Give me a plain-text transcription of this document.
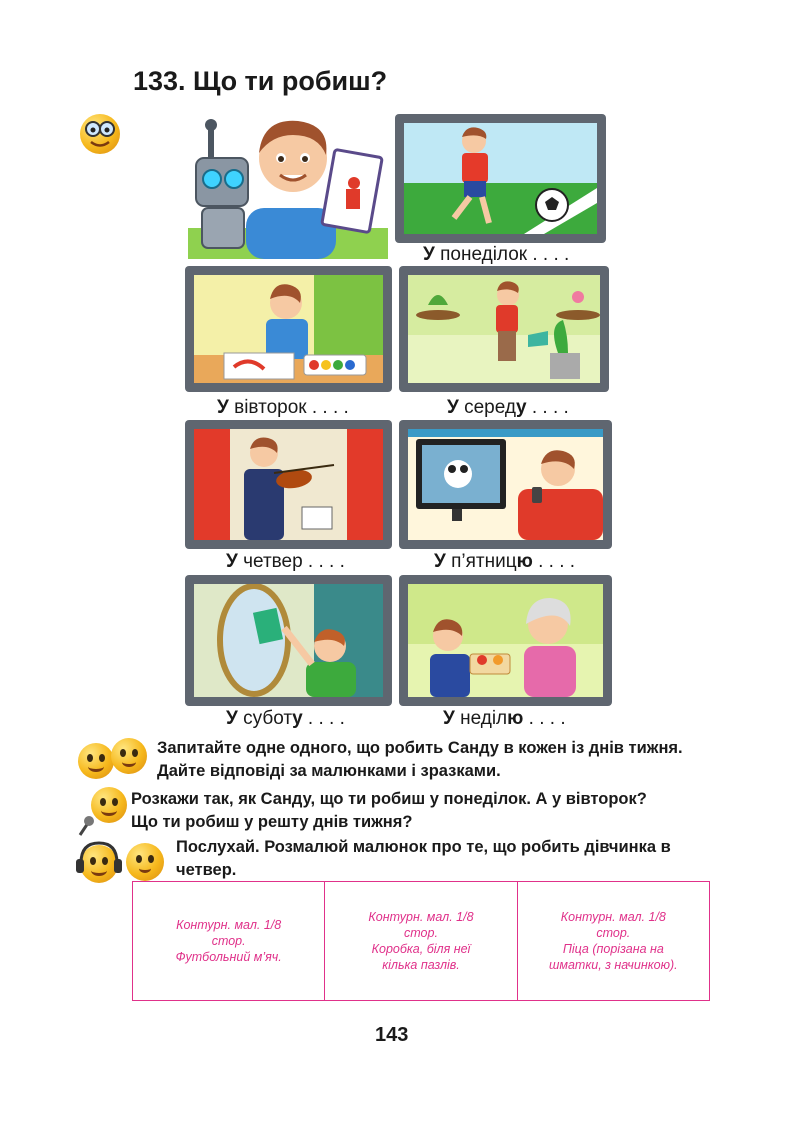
133. Що ти робиш?
У понеділок . . . .
У вівторок . . . .	У середу . . . .
У четвер . . . .	У п’ятницю . . . .
У суботу . . . .	У неділю . . . .
Запитайте одне одного, що робить Санду в кожен із днів тижня. Дайте відповіді за малюнками і зразками.
Розкажи так, як Санду, що ти робиш у понеділок. А у вівторок?
Що ти робиш у решту днів тижня?
Послухай. Розмалюй малюнок про те, що робить дівчинка в четвер.
Контурн. мал. 1/8
стор.
Футбольний м’яч.

Контурн. мал. 1/8
стор.
Коробка, біля неї
кілька пазлів.

Контурн. мал. 1/8
стор.
Піца (порізана на
шматки, з начинкою).
143
